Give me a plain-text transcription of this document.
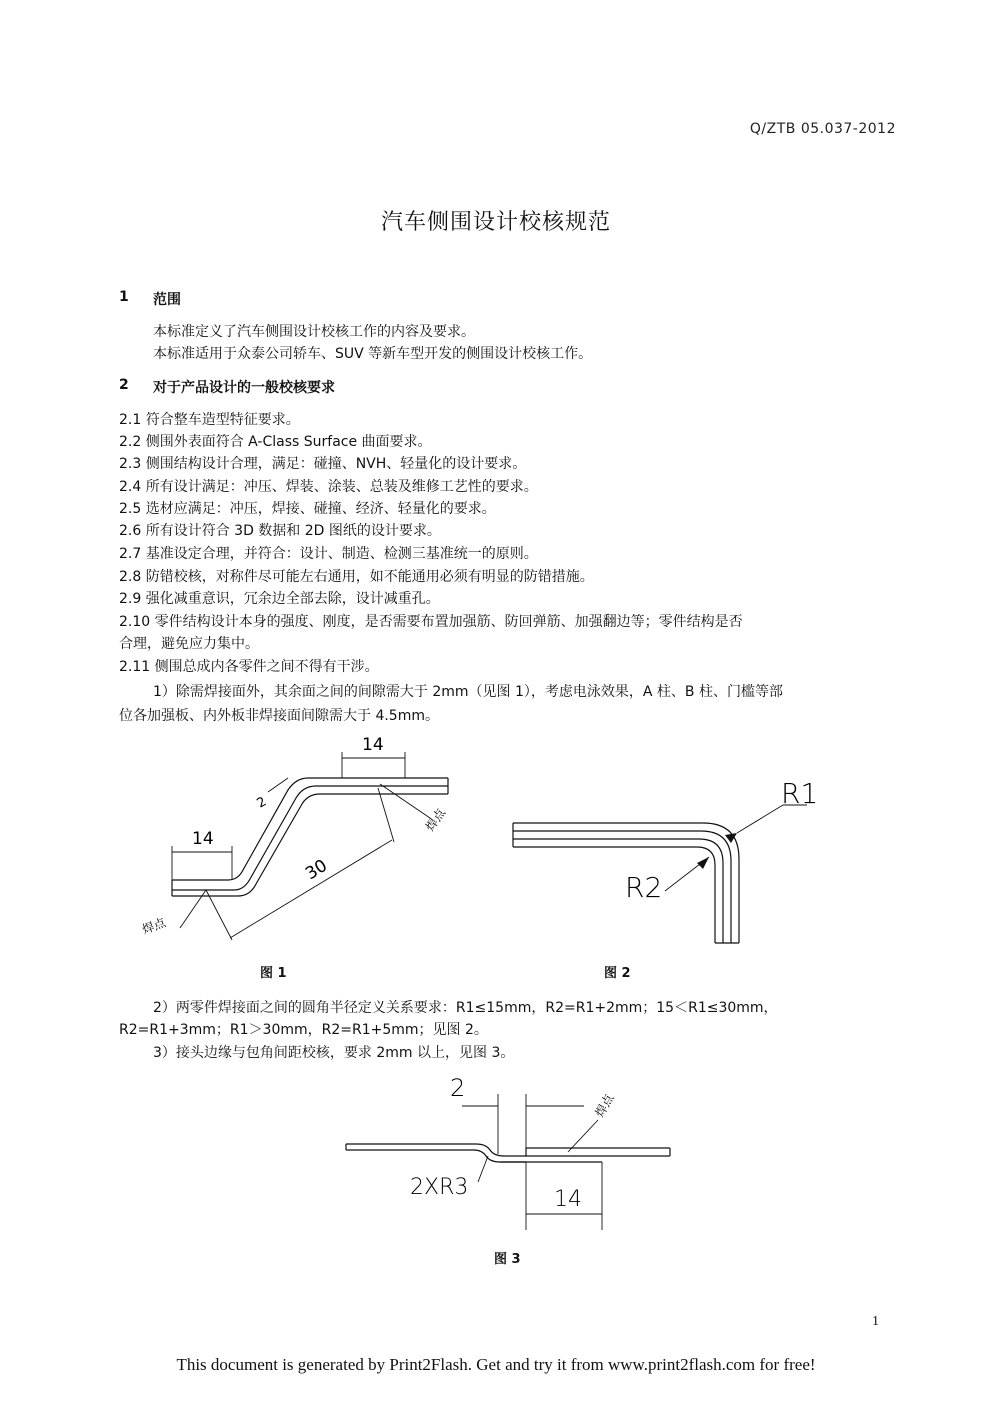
Q/ZTB 05.037-2012
汽车侧围设计校核规范
1 范围
本标准定义了汽车侧围设计校核工作的内容及要求。
本标准适用于众泰公司轿车、SUV 等新车型开发的侧围设计校核工作。
2 对于产品设计的一般校核要求
2.1 符合整车造型特征要求。
2.2 侧围外表面符合 A-Class Surface 曲面要求。
2.3 侧围结构设计合理，满足：碰撞、NVH、轻量化的设计要求。
2.4 所有设计满足：冲压、焊装、涂装、总装及维修工艺性的要求。
2.5 选材应满足：冲压，焊接、碰撞、经济、轻量化的要求。
2.6 所有设计符合 3D 数据和 2D 图纸的设计要求。
2.7 基准设定合理，并符合：设计、制造、检测三基准统一的原则。
2.8 防错校核，对称件尽可能左右通用，如不能通用必须有明显的防错措施。
2.9 强化减重意识，冗余边全部去除，设计减重孔。
2.10 零件结构设计本身的强度、刚度，是否需要布置加强筋、防回弹筋、加强翻边等；零件结构是否
合理，避免应力集中。
2.11 侧围总成内各零件之间不得有干涉。
1）除需焊接面外，其余面之间的间隙需大于 2mm（见图 1），考虑电泳效果，A 柱、B 柱、门槛等部
位各加强板、内外板非焊接面间隙需大于 4.5mm。
14
14
30
2
焊点
焊点
图 1
R1
R2
图 2
2）两零件焊接面之间的圆角半径定义关系要求：R1≤15mm，R2=R1+2mm；15＜R1≤30mm，
R2=R1+3mm；R1＞30mm，R2=R1+5mm；见图 2。
3）接头边缘与包角间距校核，要求 2mm 以上，见图 3。
2
14
2XR3
焊点
图 3
1
This document is generated by Print2Flash. Get and try it from www.print2flash.com for free!
